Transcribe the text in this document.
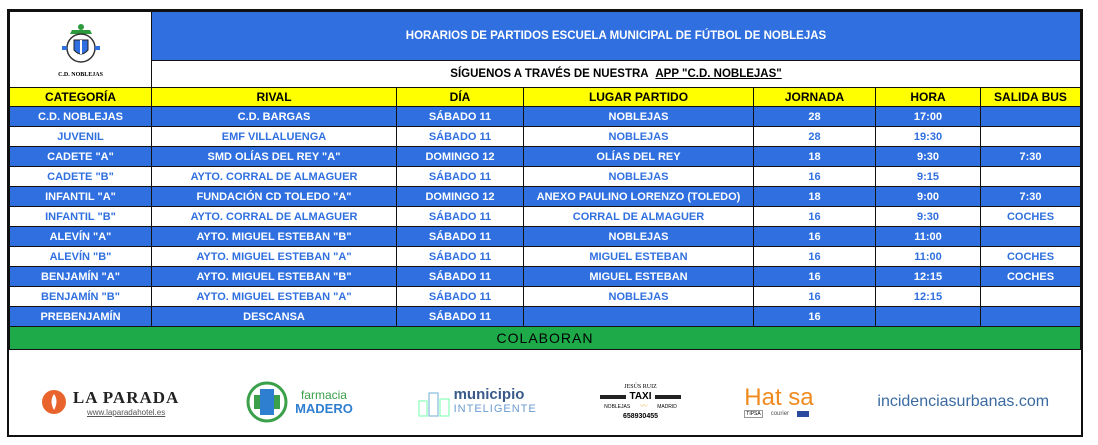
C.D. NOBLEJAS	HORARIOS DE PARTIDOS ESCUELA MUNICIPAL DE FÚTBOL DE NOBLEJAS					
	SÍGUENOS A TRAVÉS DE NUESTRA APP "C.D. NOBLEJAS"					
CATEGORÍA	RIVAL	DÍA	LUGAR PARTIDO	JORNADA	HORA	SALIDA BUS
C.D. NOBLEJAS	C.D. BARGAS	SÁBADO 11	NOBLEJAS	28	17:00	
JUVENIL	EMF VILLALUENGA	SÁBADO 11	NOBLEJAS	28	19:30	
CADETE "A"	SMD OLÍAS DEL REY "A"	DOMINGO 12	OLÍAS DEL REY	18	9:30	7:30
CADETE "B"	AYTO. CORRAL DE ALMAGUER	SÁBADO 11	NOBLEJAS	16	9:15	
INFANTIL "A"	FUNDACIÓN CD TOLEDO "A"	DOMINGO 12	ANEXO PAULINO LORENZO (TOLEDO)	18	9:00	7:30
INFANTIL "B"	AYTO. CORRAL DE ALMAGUER	SÁBADO 11	CORRAL DE ALMAGUER	16	9:30	COCHES
ALEVÍN "A"	AYTO. MIGUEL ESTEBAN "B"	SÁBADO 11	NOBLEJAS	16	11:00	
ALEVÍN "B"	AYTO. MIGUEL ESTEBAN "A"	SÁBADO 11	MIGUEL ESTEBAN	16	11:00	COCHES
BENJAMÍN "A"	AYTO. MIGUEL ESTEBAN "B"	SÁBADO 11	MIGUEL ESTEBAN	16	12:15	COCHES
BENJAMÍN "B"	AYTO. MIGUEL ESTEBAN "A"	SÁBADO 11	NOBLEJAS	16	12:15	
PREBENJAMÍN	DESCANSA	SÁBADO 11		16		
COLABORAN						
LA PARADA
www.laparadahotel.es
farmacia
MADERO
municipio
INTELIGENTE
JESÚS RUIZ
TAXI
NOBLEJAS 〰 MADRID
658930455
Hat sa
TIPSA	courier
incidenciasurbanas.com
